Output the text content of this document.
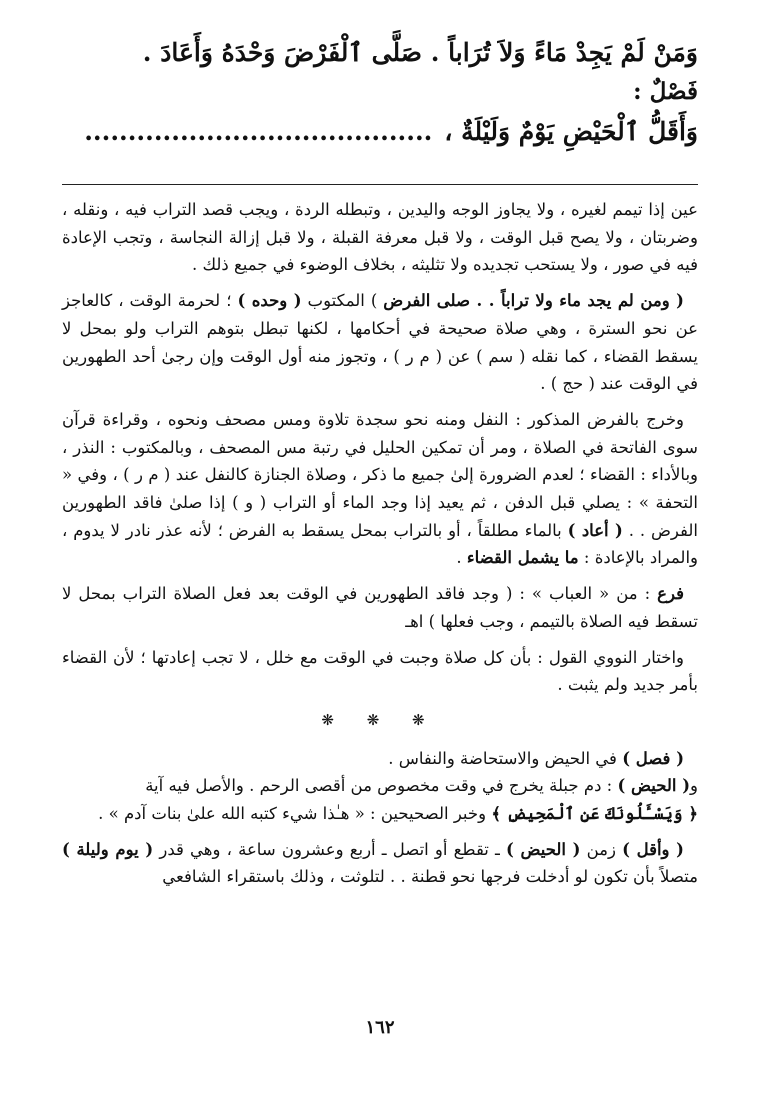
وَمَنْ لَمْ يَجِدْ مَاءً وَلاَ تُرَاباً . صَلَّى ٱلْفَرْضَ وَحْدَهُ وَأَعَادَ .
فَصْلٌ :
وَأَقَلُّ ٱلْحَيْضِ يَوْمٌ وَلَيْلَةٌ ،........................................

عين إذا تيمم لغيره ، ولا يجاوز الوجه واليدين ، وتبطله الردة ، ويجب قصد التراب فيه ، ونقله ، وضربتان ، ولا يصح قبل الوقت ، ولا قبل معرفة القبلة ، ولا قبل إزالة النجاسة ، وتجب الإعادة فيه في صور ، ولا يستحب تجديده ولا تثليثه ، بخلاف الوضوء في جميع ذلك .

( ومن لم يجد ماء ولا تراباً . . صلى الفرض ) المكتوب ( وحده ) ؛ لحرمة الوقت ، كالعاجز عن نحو السترة ، وهي صلاة صحيحة في أحكامها ، لكنها تبطل بتوهم التراب ولو بمحل لا يسقط القضاء ، كما نقله ( سم ) عن ( م ر ) ، وتجوز منه أول الوقت وإن رجىٰ أحد الطهورين في الوقت عند ( حج ) .

وخرج بالفرض المذكور : النفل ومنه نحو سجدة تلاوة ومس مصحف ونحوه ، وقراءة قرآن سوى الفاتحة في الصلاة ، ومر أن تمكين الحليل في رتبة مس المصحف ، وبالمكتوب : النذر ، وبالأداء : القضاء ؛ لعدم الضرورة إلىٰ جميع ما ذكر ، وصلاة الجنازة كالنفل عند ( م ر ) ، وفي « التحفة » : يصلي قبل الدفن ، ثم يعيد إذا وجد الماء أو التراب ( و ) إذا صلىٰ فاقد الطهورين الفرض . . ( أعاد ) بالماء مطلقاً ، أو بالتراب بمحل يسقط به الفرض ؛ لأنه عذر نادر لا يدوم ، والمراد بالإعادة : ما يشمل القضاء .

فرع : من « العباب » : ( وجد فاقد الطهورين في الوقت بعد فعل الصلاة التراب بمحل لا تسقط فيه الصلاة بالتيمم ، وجب فعلها ) اهـ

واختار النووي القول : بأن كل صلاة وجبت في الوقت مع خلل ، لا تجب إعادتها ؛ لأن القضاء بأمر جديد ولم يثبت .

❋ ❋ ❋

( فصل ) في الحيض والاستحاضة والنفاس .

و( الحيض ) : دم جبلة يخرج في وقت مخصوص من أقصى الرحم . والأصل فيه آية

﴿ وَيَسْـَٔلُونَكَ عَنِ ٱلْمَحِيضِ ﴾ وخبر الصحيحين : « هـٰذا شيء كتبه الله علىٰ بنات آدم » .

( وأقل ) زمن ( الحيض ) ـ تقطع أو اتصل ـ أربع وعشرون ساعة ، وهي قدر ( يوم وليلة ) متصلاً بأن تكون لو أدخلت فرجها نحو قطنة . . لتلوثت ، وذلك باستقراء الشافعي

١٦٢
